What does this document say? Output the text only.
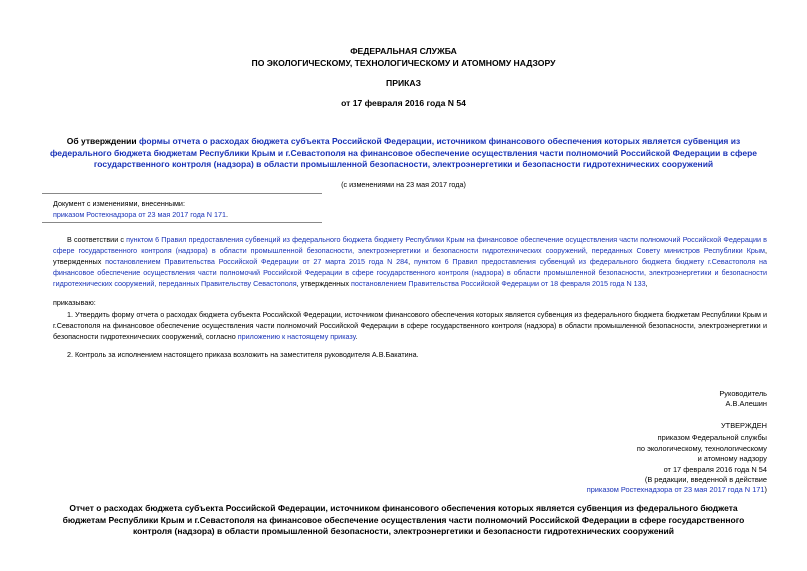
ФЕДЕРАЛЬНАЯ СЛУЖБА
ПО ЭКОЛОГИЧЕСКОМУ, ТЕХНОЛОГИЧЕСКОМУ И АТОМНОМУ НАДЗОРУ
ПРИКАЗ
от 17 февраля 2016 года N 54
Об утверждении формы отчета о расходах бюджета субъекта Российской Федерации, источником финансового обеспечения которых является субвенция из федерального бюджета бюджетам Республики Крым и г.Севастополя на финансовое обеспечение осуществления части полномочий Российской Федерации в сфере государственного контроля (надзора) в области промышленной безопасности, электроэнергетики и безопасности гидротехнических сооружений
(с изменениями на 23 мая 2017 года)
Документ с изменениями, внесенными:
приказом Ростехнадзора от 23 мая 2017 года N 171.

В соответствии с пунктом 6 Правил предоставления субвенций из федерального бюджета бюджету Республики Крым на финансовое обеспечение осуществления части полномочий Российской Федерации в сфере государственного контроля (надзора) в области промышленной безопасности, электроэнергетики и безопасности гидротехнических сооружений, переданных Совету министров Республики Крым, утвержденных постановлением Правительства Российской Федерации от 27 марта 2015 года N 284, пунктом 6 Правил предоставления субвенций из федерального бюджета бюджету г.Севастополя на финансовое обеспечение осуществления части полномочий Российской Федерации в сфере государственного контроля (надзора) в области промышленной безопасности, электроэнергетики и безопасности гидротехнических сооружений, переданных Правительству Севастополя, утвержденных постановлением Правительства Российской Федерации от 18 февраля 2015 года N 133,

приказываю:

1. Утвердить форму отчета о расходах бюджета субъекта Российской Федерации, источником финансового обеспечения которых является субвенция из федерального бюджета бюджетам Республики Крым и г.Севастополя на финансовое обеспечение осуществления части полномочий Российской Федерации в сфере государственного контроля (надзора) в области промышленной безопасности, электроэнергетики и безопасности гидротехнических сооружений, согласно приложению к настоящему приказу.

2. Контроль за исполнением настоящего приказа возложить на заместителя руководителя А.В.Бакатина.
Руководитель
А.В.Алешин
УТВЕРЖДЕН
приказом Федеральной службы
по экологическому, технологическому
и атомному надзору
от 17 февраля 2016 года N 54
(В редакции, введенной в действие
приказом Ростехнадзора от 23 мая 2017 года N 171)
Отчет о расходах бюджета субъекта Российской Федерации, источником финансового обеспечения которых является субвенция из федерального бюджета бюджетам Республики Крым и г.Севастополя на финансовое обеспечение осуществления части полномочий Российской Федерации в сфере государственного контроля (надзора) в области промышленной безопасности, электроэнергетики и безопасности гидротехнических сооружений
